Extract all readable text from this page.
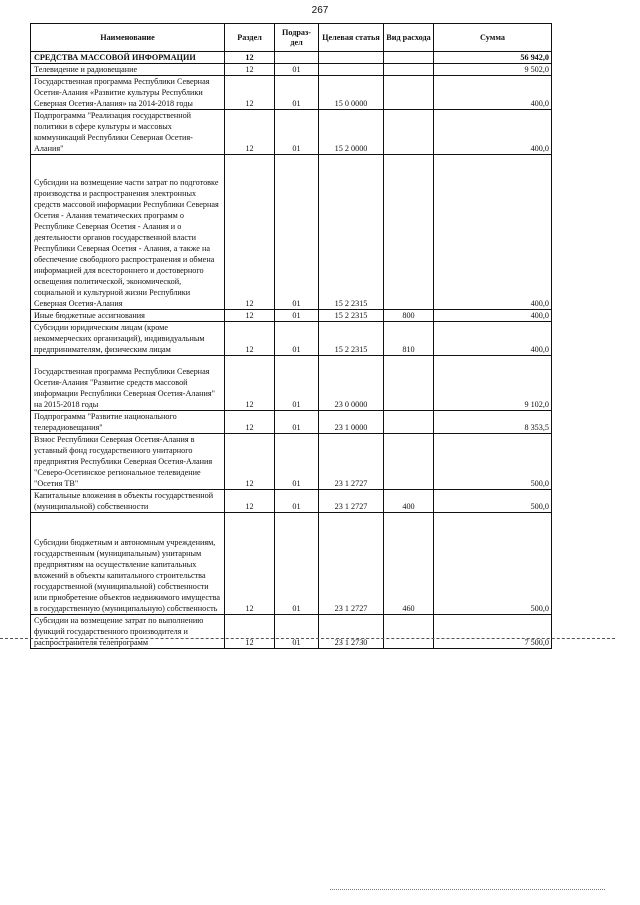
267
Наименование	Раздел	Подраз-дел	Целевая статья	Вид расхода	Сумма
СРЕДСТВА МАССОВОЙ ИНФОРМАЦИИ	12				56 942,0
Телевидение и радиовещание	12	01			9 502,0
Государственная программа Республики Северная Осетия-Алания «Развитие культуры Республики Северная Осетия-Алания» на 2014-2018 годы	12	01	15 0 0000		400,0
Подпрограмма "Реализация государственной политики в сфере культуры и массовых коммуникаций Республики Северная Осетия-Алания"	12	01	15 2 0000		400,0
Субсидии на возмещение части затрат по подготовке производства и распространения электронных средств массовой информации Республики Северная Осетия - Алания тематических программ о Республике Северная Осетия - Алания и о деятельности органов государственной власти Республики Северная Осетия - Алания, а также на обеспечение свободного распространения и обмена информацией для всестороннего и достоверного освещения политической, экономической, социальной и культурной жизни Республики Северная Осетия-Алания	12	01	15 2 2315		400,0
Иные бюджетные ассигнования	12	01	15 2 2315	800	400,0
Субсидии юридическим лицам (кроме некоммерческих организаций), индивидуальным предпринимателям, физическим лицам	12	01	15 2 2315	810	400,0
Государственная программа Республики Северная Осетия-Алания "Развитие средств массовой информации Республики Северная Осетия-Алания" на 2015-2018 годы	12	01	23 0 0000		9 102,0
Подпрограмма "Развитие национального телерадиовещания"	12	01	23 1 0000		8 353,5
Взнос Республики Северная Осетия-Алания в уставный фонд государственного унитарного предприятия Республики Северная Осетия-Алания "Северо-Осетинское региональное телевидение "Осетия ТВ"	12	01	23 1 2727		500,0
Капитальные вложения в объекты государственной (муниципальной) собственности	12	01	23 1 2727	400	500,0
Субсидии бюджетным и автономным учреждениям, государственным (муниципальным) унитарным предприятиям на осуществление капитальных вложений в объекты капитального строительства государственной (муниципальной) собственности или приобретение объектов недвижимого имущества в государственную (муниципальную) собственность	12	01	23 1 2727	460	500,0
Субсидии на возмещение затрат по выполнению функций государственного производителя и распространителя телепрограмм	12	01	23 1 2730		7 500,0
